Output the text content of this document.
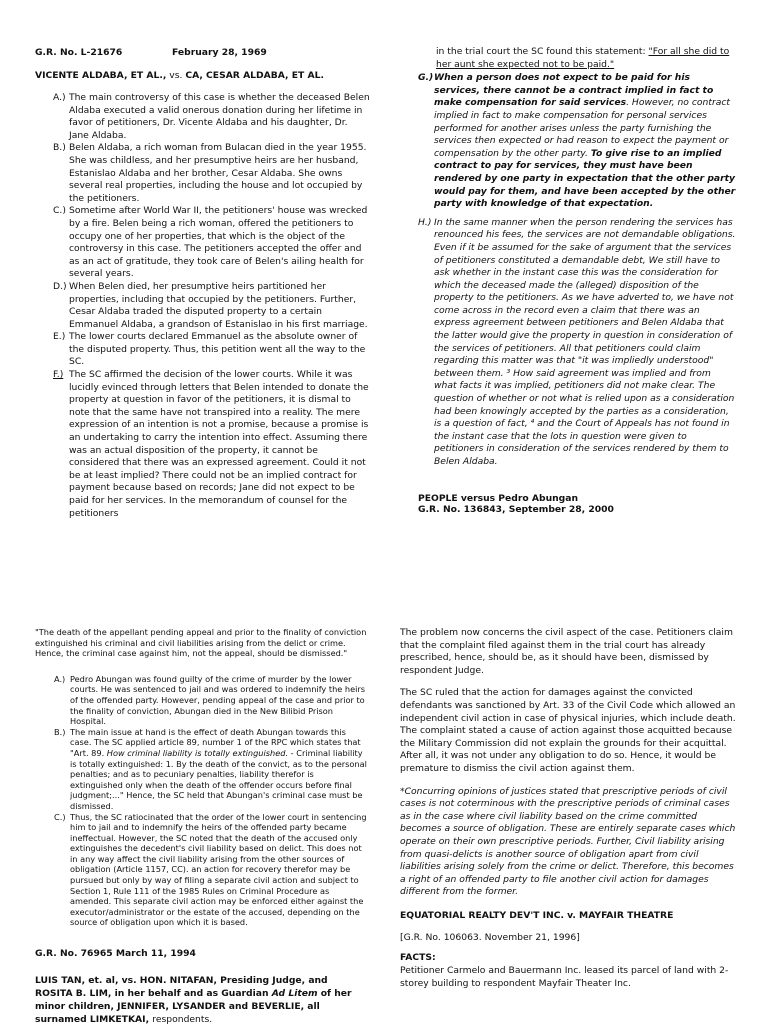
G.R. No. L-21676	February 28, 1969
VICENTE ALDABA, ET AL., vs. CA, CESAR ALDABA, ET AL.
A.) The main controversy of this case is whether the deceased Belen Aldaba executed a valid onerous donation during her lifetime in favor of petitioners, Dr. Vicente Aldaba and his daughter, Dr. Jane Aldaba.
B.) Belen Aldaba, a rich woman from Bulacan died in the year 1955. She was childless, and her presumptive heirs are her husband, Estanislao Aldaba and her brother, Cesar Aldaba. She owns several real properties, including the house and lot occupied by the petitioners.
C.) Sometime after World War II, the petitioners' house was wrecked by a fire. Belen being a rich woman, offered the petitioners to occupy one of her properties, that which is the object of the controversy in this case. The petitioners accepted the offer and as an act of gratitude, they took care of Belen's ailing health for several years.
D.) When Belen died, her presumptive heirs partitioned her properties, including that occupied by the petitioners. Further, Cesar Aldaba traded the disputed property to a certain Emmanuel Aldaba, a grandson of Estanislao in his first marriage.
E.) The lower courts declared Emmanuel as the absolute owner of the disputed property. Thus, this petition went all the way to the SC.
F.) The SC affirmed the decision of the lower courts. While it was lucidly evinced through letters that Belen intended to donate the property at question in favor of the petitioners, it is dismal to note that the same have not transpired into a reality. The mere expression of an intention is not a promise, because a promise is an undertaking to carry the intention into effect. Assuming there was an actual disposition of the property, it cannot be considered that there was an expressed agreement. Could it not be at least implied? There could not be an implied contract for payment because based on records; Jane did not expect to be paid for her services. In the memorandum of counsel for the petitioners

in the trial court the SC found this statement: "For all she did to her aunt she expected not to be paid."

G.) When a person does not expect to be paid for his services, there cannot be a contract implied in fact to make compensation for said services. However, no contract implied in fact to make compensation for personal services performed for another arises unless the party furnishing the services then expected or had reason to expect the payment or compensation by the other party. To give rise to an implied contract to pay for services, they must have been rendered by one party in expectation that the other party would pay for them, and have been accepted by the other party with knowledge of that expectation.
H.) In the same manner when the person rendering the services has renounced his fees, the services are not demandable obligations. Even if it be assumed for the sake of argument that the services of petitioners constituted a demandable debt, We still have to ask whether in the instant case this was the consideration for which the deceased made the (alleged) disposition of the property to the petitioners. As we have adverted to, we have not come across in the record even a claim that there was an express agreement between petitioners and Belen Aldaba that the latter would give the property in question in consideration of the services of petitioners. All that petitioners could claim regarding this matter was that "it was impliedly understood" between them. ³ How said agreement was implied and from what facts it was implied, petitioners did not make clear. The question of whether or not what is relied upon as a consideration had been knowingly accepted by the parties as a consideration, is a question of fact, ⁴ and the Court of Appeals has not found in the instant case that the lots in question were given to petitioners in consideration of the services rendered by them to Belen Aldaba.
PEOPLE versus Pedro Abungan
G.R. No. 136843, September 28, 2000

"The death of the appellant pending appeal and prior to the finality of conviction extinguished his criminal and civil liabilities arising from the delict or crime. Hence, the criminal case against him, not the appeal, should be dismissed."

A.) Pedro Abungan was found guilty of the crime of murder by the lower courts. He was sentenced to jail and was ordered to indemnify the heirs of the offended party. However, pending appeal of the case and prior to the finality of conviction, Abungan died in the New Bilibid Prison Hospital.
B.) The main issue at hand is the effect of death Abungan towards this case. The SC applied article 89, number 1 of the RPC which states that "Art. 89. How criminal liability is totally extinguished. - Criminal liability is totally extinguished: 1. By the death of the convict, as to the personal penalties; and as to pecuniary penalties, liability therefor is extinguished only when the death of the offender occurs before final judgment;..." Hence, the SC held that Abungan's criminal case must be dismissed.
C.) Thus, the SC ratiocinated that the order of the lower court in sentencing him to jail and to indemnify the heirs of the offended party became ineffectual. However, the SC noted that the death of the accused only extinguishes the decedent's civil liability based on delict. This does not in any way affect the civil liability arising from the other sources of obligation (Article 1157, CC). an action for recovery therefor may be pursued but only by way of filing a separate civil action and subject to Section 1, Rule 111 of the 1985 Rules on Criminal Procedure as amended. This separate civil action may be enforced either against the executor/administrator or the estate of the accused, depending on the source of obligation upon which it is based.
G.R. No. 76965 March 11, 1994

LUIS TAN, et. al, vs. HON. NITAFAN, Presiding Judge, and ROSITA B. LIM, in her behalf and as Guardian Ad Litem of her minor children, JENNIFER, LYSANDER and BEVERLIE, all surnamed LIMKETKAI, respondents.

The problem now concerns the civil aspect of the case. Petitioners claim that the complaint filed against them in the trial court has already prescribed, hence, should be, as it should have been, dismissed by respondent Judge.

The SC ruled that the action for damages against the convicted defendants was sanctioned by Art. 33 of the Civil Code which allowed an independent civil action in case of physical injuries, which include death. The complaint stated a cause of action against those acquitted because the Military Commission did not explain the grounds for their acquittal. After all, it was not under any obligation to do so. Hence, it would be premature to dismiss the civil action against them.

*Concurring opinions of justices stated that prescriptive periods of civil cases is not coterminous with the prescriptive periods of criminal cases as in the case where civil liability based on the crime committed becomes a source of obligation. These are entirely separate cases which operate on their own prescriptive periods. Further, Civil liability arising from quasi-delicts is another source of obligation apart from civil liabilities arising solely from the crime or delict. Therefore, this becomes a right of an offended party to file another civil action for damages different from the former.

EQUATORIAL REALTY DEV'T INC. v. MAYFAIR THEATRE

[G.R. No. 106063. November 21, 1996]

FACTS:

Petitioner Carmelo and Bauermann Inc. leased its parcel of land with 2-storey building to respondent Mayfair Theater Inc.
